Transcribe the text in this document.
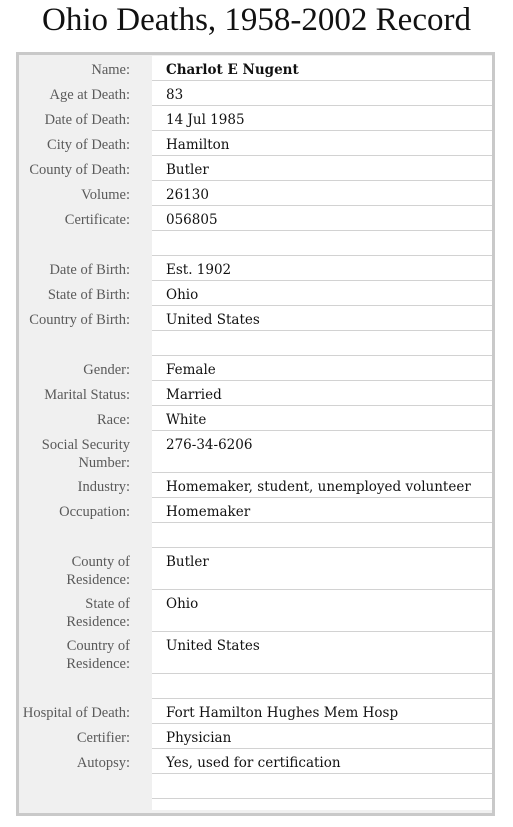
Ohio Deaths, 1958-2002 Record
Name:	Charlot E Nugent
Age at Death:	83
Date of Death:	14 Jul 1985
City of Death:	Hamilton
County of Death:	Butler
Volume:	26130
Certificate:	056805
Date of Birth:	Est. 1902
State of Birth:	Ohio
Country of Birth:	United States
Gender:	Female
Marital Status:	Married
Race:	White
Social Security
Number:
276-34-6206
Industry:	Homemaker, student, unemployed volunteer
Occupation:	Homemaker
County of
Residence:
Butler
State of
Residence:
Ohio
Country of
Residence:
United States
Hospital of Death:	Fort Hamilton Hughes Mem Hosp
Certifier:	Physician
Autopsy:	Yes, used for certification
